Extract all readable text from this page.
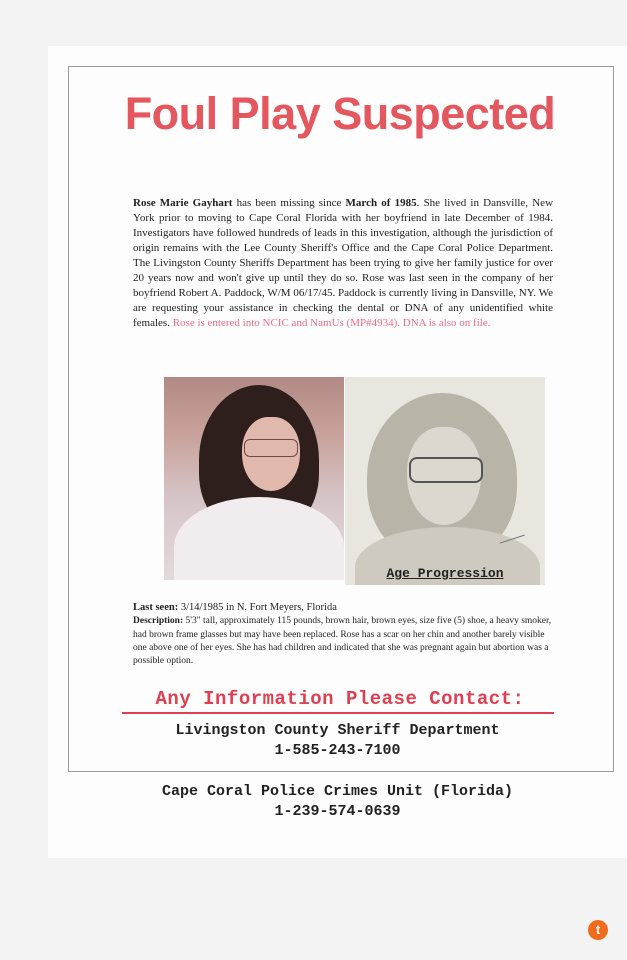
Foul Play Suspected

Rose Marie Gayhart has been missing since March of 1985. She lived in Dansville, New York prior to moving to Cape Coral Florida with her boyfriend in late December of 1984. Investigators have followed hundreds of leads in this investigation, although the jurisdiction of origin remains with the Lee County Sheriff's Office and the Cape Coral Police Department. The Livingston County Sheriffs Department has been trying to give her family justice for over 20 years now and won't give up until they do so. Rose was last seen in the company of her boyfriend Robert A. Paddock, W/M 06/17/45. Paddock is currently living in Dansville, NY. We are requesting your assistance in checking the dental or DNA of any unidentified white females. Rose is entered into NCIC and NamUs (MP#4934). DNA is also on file.

Age Progression

Last seen: 3/14/1985 in N. Fort Meyers, Florida
Description: 5'3" tall, approximately 115 pounds, brown hair, brown eyes, size five (5) shoe, a heavy smoker, had brown frame glasses but may have been replaced. Rose has a scar on her chin and another barely visible one above one of her eyes. She has had children and indicated that she was pregnant again but abortion was a possible option.

Any Information Please Contact:

Livingston County Sheriff Department

1-585-243-7100

Cape Coral Police Crimes Unit (Florida)

1-239-574-0639

t
